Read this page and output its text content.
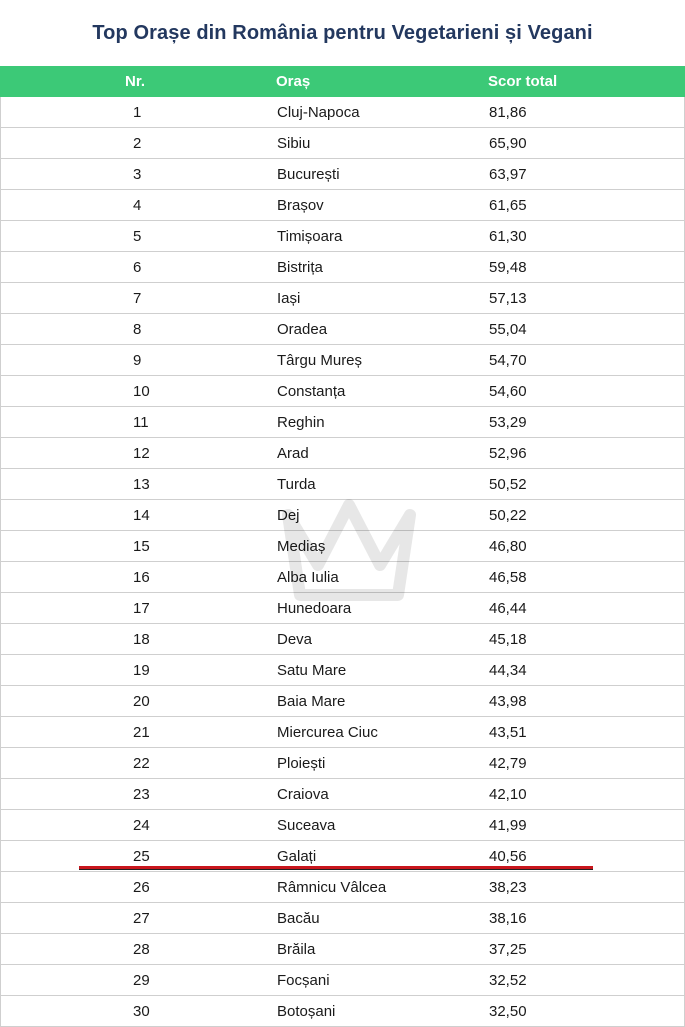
Top Orașe din România pentru Vegetarieni și Vegani
Nr.	Oraș	Scor total
1	Cluj-Napoca	81,86
2	Sibiu	65,90
3	București	63,97
4	Brașov	61,65
5	Timișoara	61,30
6	Bistrița	59,48
7	Iași	57,13
8	Oradea	55,04
9	Târgu Mureș	54,70
10	Constanța	54,60
11	Reghin	53,29
12	Arad	52,96
13	Turda	50,52
14	Dej	50,22
15	Mediaș	46,80
16	Alba Iulia	46,58
17	Hunedoara	46,44
18	Deva	45,18
19	Satu Mare	44,34
20	Baia Mare	43,98
21	Miercurea Ciuc	43,51
22	Ploiești	42,79
23	Craiova	42,10
24	Suceava	41,99
25	Galați	40,56
26	Râmnicu Vâlcea	38,23
27	Bacău	38,16
28	Brăila	37,25
29	Focșani	32,52
30	Botoșani	32,50
